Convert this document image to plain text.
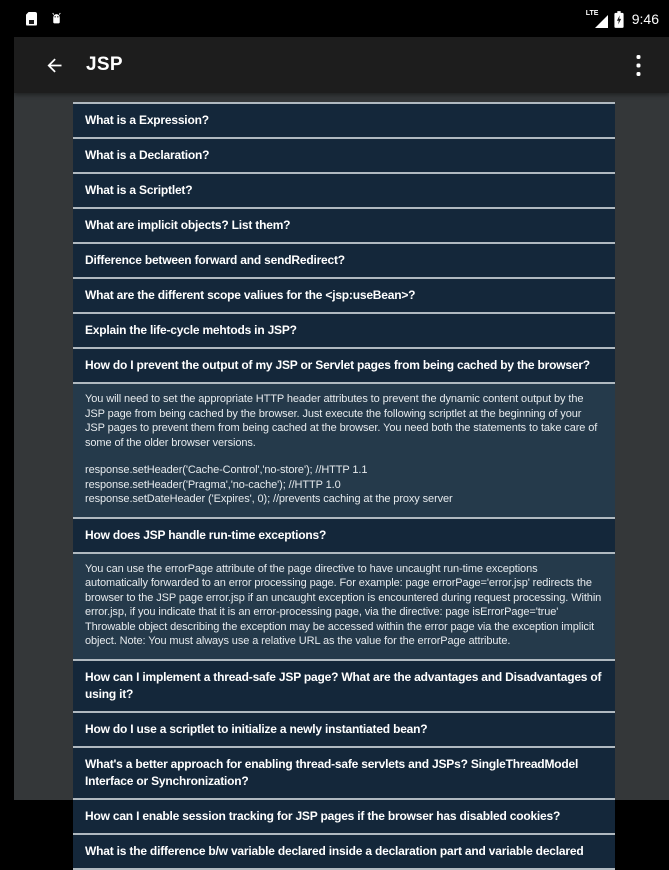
LTE 9:46
JSP
What is a Expression?
What is a Declaration?
What is a Scriptlet?
What are implicit objects? List them?
Difference between forward and sendRedirect?
What are the different scope valiues for the <jsp:useBean>?
Explain the life-cycle mehtods in JSP?
How do I prevent the output of my JSP or Servlet pages from being cached by the browser?
You will need to set the appropriate HTTP header attributes to prevent the dynamic content output by the JSP page from being cached by the browser. Just execute the following scriptlet at the beginning of your JSP pages to prevent them from being cached at the browser. You need both the statements to take care of some of the older browser versions.
response.setHeader('Cache-Control','no-store'); //HTTP 1.1
response.setHeader('Pragma','no-cache'); //HTTP 1.0
response.setDateHeader ('Expires', 0); //prevents caching at the proxy server
How does JSP handle run-time exceptions?
You can use the errorPage attribute of the page directive to have uncaught run-time exceptions automatically forwarded to an error processing page. For example: page errorPage='error.jsp' redirects the browser to the JSP page error.jsp if an uncaught exception is encountered during request processing. Within error.jsp, if you indicate that it is an error-processing page, via the directive: page isErrorPage='true' Throwable object describing the exception may be accessed within the error page via the exception implicit object. Note: You must always use a relative URL as the value for the errorPage attribute.
How can I implement a thread-safe JSP page? What are the advantages and Disadvantages of using it?
How do I use a scriptlet to initialize a newly instantiated bean?
What's a better approach for enabling thread-safe servlets and JSPs? SingleThreadModel Interface or Synchronization?
How can I enable session tracking for JSP pages if the browser has disabled cookies?
What is the difference b/w variable declared inside a declaration part and variable declared
